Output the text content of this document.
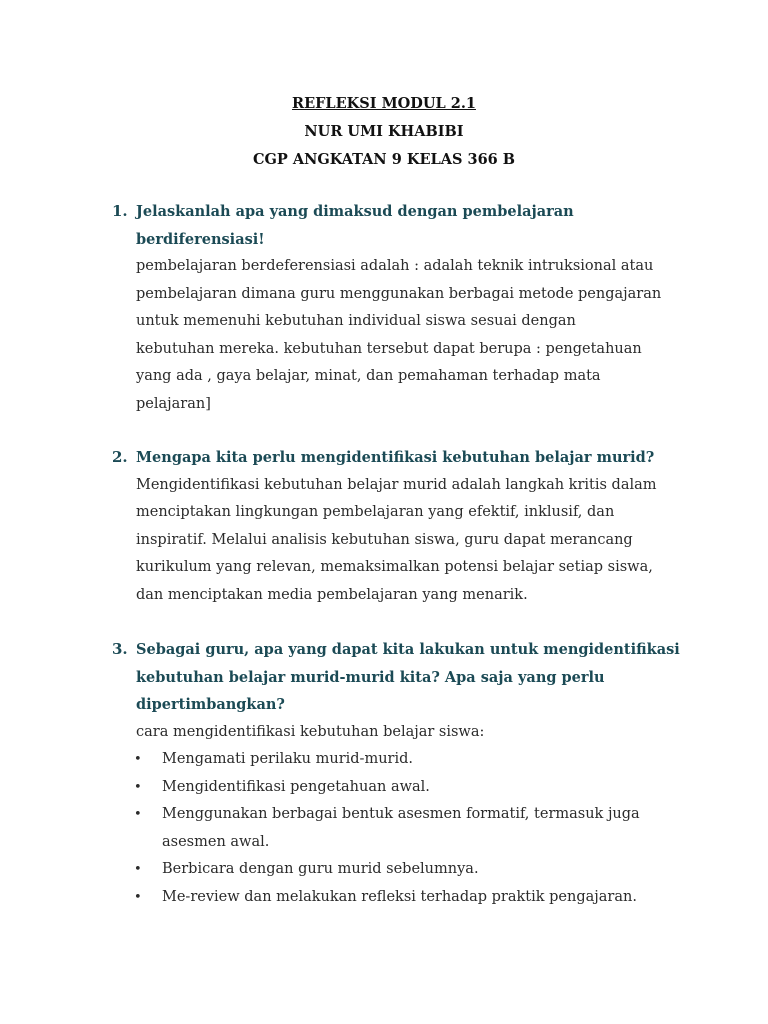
REFLEKSI MODUL 2.1
NUR UMI KHABIBI
CGP ANGKATAN 9 KELAS 366 B
1. Jelaskanlah apa yang dimaksud dengan pembelajaran
berdiferensiasi!
pembelajaran berdeferensiasi adalah : adalah teknik intruksional atau
pembelajaran dimana guru menggunakan berbagai metode pengajaran
untuk memenuhi kebutuhan individual siswa sesuai dengan
kebutuhan mereka. kebutuhan tersebut dapat berupa : pengetahuan
yang ada , gaya belajar, minat, dan pemahaman terhadap mata
pelajaran]
2. Mengapa kita perlu mengidentifikasi kebutuhan belajar murid?
Mengidentifikasi kebutuhan belajar murid adalah langkah kritis dalam
menciptakan lingkungan pembelajaran yang efektif, inklusif, dan
inspiratif. Melalui analisis kebutuhan siswa, guru dapat merancang
kurikulum yang relevan, memaksimalkan potensi belajar setiap siswa,
dan menciptakan media pembelajaran yang menarik.
3. Sebagai guru, apa yang dapat kita lakukan untuk mengidentifikasi
kebutuhan belajar murid-murid kita? Apa saja yang perlu
dipertimbangkan?
cara mengidentifikasi kebutuhan belajar siswa:
• Mengamati perilaku murid-murid.
• Mengidentifikasi pengetahuan awal.
• Menggunakan berbagai bentuk asesmen formatif, termasuk juga
asesmen awal.
• Berbicara dengan guru murid sebelumnya.
• Me-review dan melakukan refleksi terhadap praktik pengajaran.
